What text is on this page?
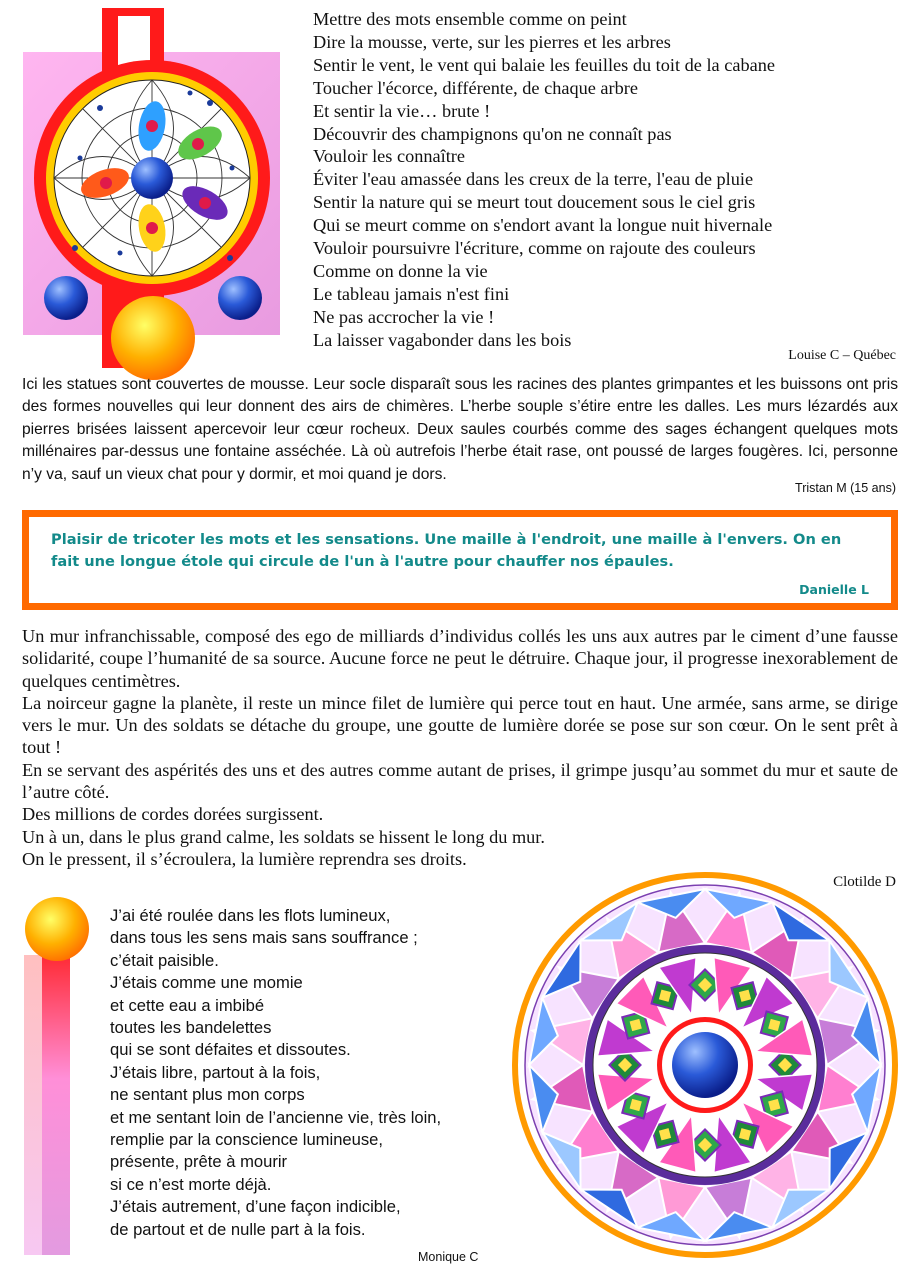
Mettre des mots ensemble comme on peint
Dire la mousse, verte, sur les pierres et les arbres
Sentir le vent, le vent qui balaie les feuilles du toit de la cabane
Toucher l'écorce, différente, de chaque arbre
Et sentir la vie… brute !
Découvrir des champignons qu'on ne connaît pas
Vouloir les connaître
Éviter l'eau amassée dans les creux de la terre, l'eau de pluie
Sentir la nature qui se meurt tout doucement sous le ciel gris
Qui se meurt comme on s'endort avant la longue nuit hivernale
Vouloir poursuivre l'écriture, comme on rajoute des couleurs
Comme on donne la vie
Le tableau jamais n'est fini
Ne pas accrocher la vie !
La laisser vagabonder dans les bois
Louise C – Québec
Ici les statues sont couvertes de mousse. Leur socle disparaît sous les racines des plantes grimpantes et les buissons ont pris des formes nouvelles qui leur donnent des airs de chimères. L’herbe souple s’étire entre les dalles. Les murs lézardés aux pierres brisées laissent apercevoir leur cœur rocheux. Deux saules courbés comme des sages échangent quelques mots millénaires par-dessus une fontaine asséchée. Là où autrefois l’herbe était rase, ont poussé de larges fougères. Ici, personne n’y va, sauf un vieux chat pour y dormir, et moi quand je dors.
Tristan M (15 ans)
Plaisir de tricoter les mots et les sensations. Une maille à l'endroit, une maille à l'envers. On en fait une longue étole qui circule de l'un à l'autre pour chauffer nos épaules.
Danielle L
Un mur infranchissable, composé des ego de milliards d’individus collés les uns aux autres par le ciment d’une fausse solidarité, coupe l’humanité de sa source. Aucune force ne peut le détruire. Chaque jour, il progresse inexorablement de quelques centimètres.
La noirceur gagne la planète, il reste un mince filet de lumière qui perce tout en haut. Une armée, sans arme, se dirige vers le mur. Un des soldats se détache du groupe, une goutte de lumière dorée se pose sur son cœur. On le sent prêt à tout !
En se servant des aspérités des uns et des autres comme autant de prises, il grimpe jusqu’au sommet du mur et saute de l’autre côté.
Des millions de cordes dorées surgissent.
Un à un, dans le plus grand calme, les soldats se hissent le long du mur.
On le pressent, il s’écroulera, la lumière reprendra ses droits.
Clotilde D
J’ai été roulée dans les flots lumineux,
dans tous les sens mais sans souffrance ;
c’était paisible.
J’étais comme une momie
et cette eau a imbibé
toutes les bandelettes
qui se sont défaites et dissoutes.
J’étais libre, partout à la fois,
ne sentant plus mon corps
et me sentant loin de l’ancienne vie, très loin,
remplie par la conscience lumineuse,
présente, prête à mourir
si ce n’est morte déjà.
J’étais autrement, d’une façon indicible,
de partout et de nulle part à la fois.
Monique C
